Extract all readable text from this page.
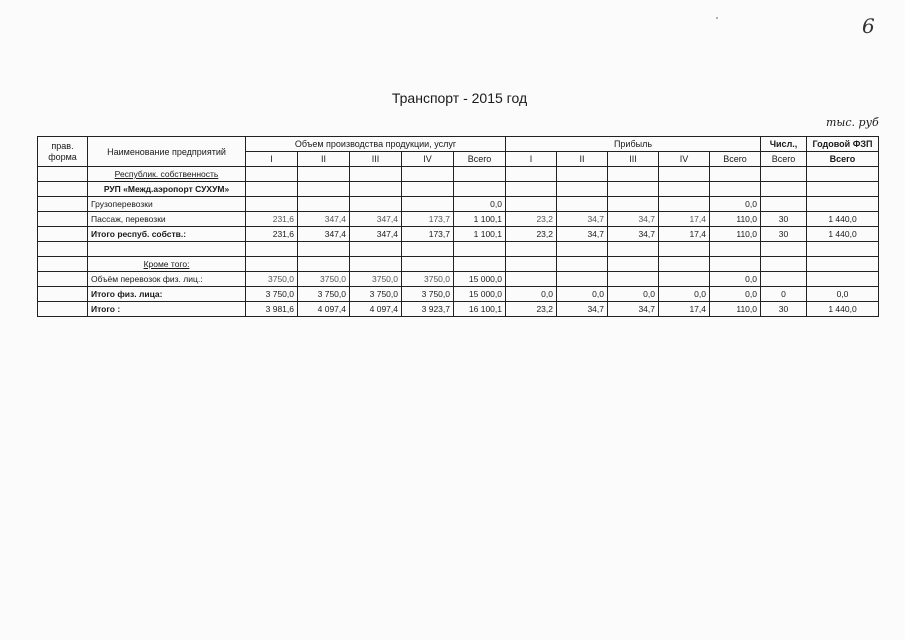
6
Транспорт - 2015 год
тыс. руб
прав. форма	Наименование предприятий	Объем производства продукции, услуг					Прибыль					Числ.,	Годовой ФЗП
		I	II	III	IV	Всего	I	II	III	IV	Всего	Всего	Всего
	Республик. собственность												
	РУП «Межд.аэропорт СУХУМ»												
	Грузоперевозки					0,0					0,0		
	Пассаж, перевозки	231,6	347,4	347,4	173,7	1 100,1	23,2	34,7	34,7	17,4	110,0	30	1 440,0
	Итого респуб. собств.:	231,6	347,4	347,4	173,7	1 100,1	23,2	34,7	34,7	17,4	110,0	30	1 440,0

	Кроме того:												
	Объём перевозок физ. лиц.:	3750,0	3750,0	3750,0	3750,0	15 000,0					0,0		
	Итого физ. лица:	3 750,0	3 750,0	3 750,0	3 750,0	15 000,0	0,0	0,0	0,0	0,0	0,0	0	0,0
	Итого :	3 981,6	4 097,4	4 097,4	3 923,7	16 100,1	23,2	34,7	34,7	17,4	110,0	30	1 440,0
